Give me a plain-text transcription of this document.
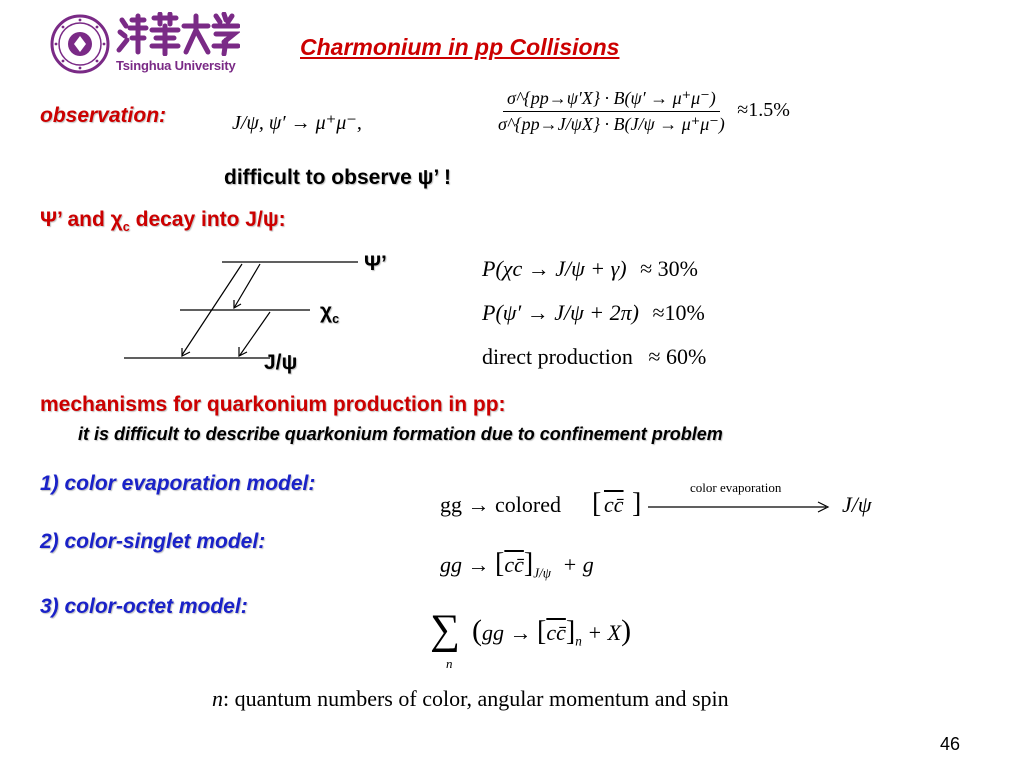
Tsinghua University
Charmonium in pp Collisions
observation:	J/ψ, ψ′ → μ⁺μ⁻,	$\frac{\sigma\^{}\{pp\to\psi'X\} \cdot B(\psi' \to \mu^+\mu^-)}{\sigma\^{}\{pp\to J/\psi X\} \cdot B(J/\psi \to \mu^+\mu^-)} \approx 1.5\%$
difficult to observe ψ’ !
Ψ’ and $\chi_c$ decay into J/ψ:
Ψ’
$\chi_c$
J/ψ
P(χc → J/ψ + γ) ≈ 30%
P(ψ′ → J/ψ + 2π) ≈10%
direct production ≈ 60%
mechanisms for quarkonium production in pp:
it is difficult to describe quarkonium formation due to confinement problem
1) color evaporation model:
2) color-singlet model:
3) color-octet model:
gg → colored [ cc̄ ]
color evaporation
J/ψ
gg → $[cc̄]_{J/\psi} + g$
∑
n
$(gg \to [cc̄]_n + X)$
n: quantum numbers of color, angular momentum and spin
46
